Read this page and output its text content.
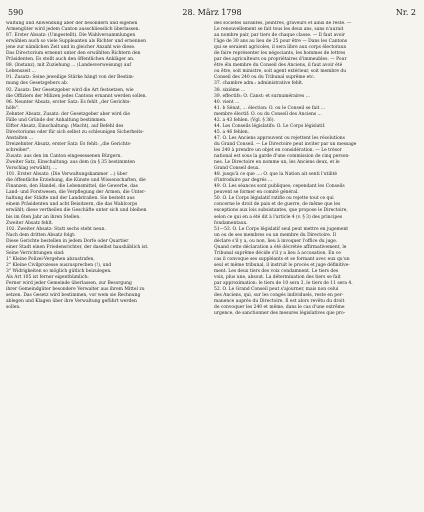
590	28. März 1798	Nr. 2

waltung und Anwendung aber der besondern und eigenen

Armengüter wird jedem Canton ausschliesslich überlassen.

87. Erster Absatz: (Umgestellt). Die Wahlversammlungen

erwählen auch so viele Suppleanten als Richter und ernennen

jene zur nämlichen Zeit und in gleicher Anzahl wie diese.

Das Directorium ernennt unter den erwählten Richtern den

Präsidenten. Es stellt auch den öffentlichen Ankläger an.

88. (Instanz), mit Zuziehung ... (Landesverweisung) auf

Lebenszeit ...

91. Zusatz: Seine jeweilige Stärke hängt von der Bestim-

mung des Gesetzgebers ab.

92. Zusatz: Der Gesetzgeber wird die Art festsetzen, wie

die Offiziers der Milizen jedes Cantons ernannt werden sollen.

96. Neunter Absatz, erster Satz: Es fehlt „der Gerichts-

höfe".

Zehnter Absatz, Zusatz: der Gesetzgeber aber wird die

Fälle und Gründe der Anhaltung bestimmen.

Elfter Absatz, Einschaltung: (Macht), auf Befehl des

Directoriums oder für sich selbst zu schleunigen Sicherheits-

Anstalten ...

Dreizehnter Absatz, erster Satz: Es fehlt: „die Gerichts-

schreiber".

Zusatz: aus den im Canton eingesessenen Bürgern.

Zweiter Satz, Einschaltung: aus dem (in § 35 bestimmten

Vorschlag (erwählt), ...

101. Erster Absatz: (Die Verwaltungskammer ...) über

die öffentliche Erziehung, die Künste und Wissenschaften, die

Finanzen, den Handel, die Lebensmittel, die Gewerbe, das

Land- und Forstwesen, die Verpflegung der Armen, die Unter-

haltung der Städte und der Landstraßen. Sie besteht aus

einem Präsidenten und acht Beisitzern, die das Wahlcorps

erwählt; diese vertheilen die Geschäfte unter sich und bleiben

bis im 6ten Jahr an ihren Stellen.

Zweiter Absatz fehlt.

102. Zweiter Absatz: Statt sechs steht neun.

Nach dem dritten Absatz folgt:

Diese Gerichte bestellen in jedem Dorfe oder Quartier

einer Stadt einen Friedensrichter, der daselbst haushäblich ist.

Seine Verrichtungen sind:

1° Kleine Polizei-Vergehen abzustrafen,

2° Kleine Civilprozesse auszusprechen (!), und

3° Widrigkeiten so möglich gütlich beizulegen.

Als Art 105 ist ferner eigenthümlich:

Ferner wird jeder Gemeinde überlassen, zur Besorgung

ihrer Gemeindgüter besondere Verwalter aus ihrem Mittel zu

setzen. Das Gesetz wird bestimmen, vor wem sie Rechnung

ablegen und Klagen über ihre Verwaltung geführt werden

sollen.

des sociétés savantes, peintres, graveurs et ainsi de reste. —

Le renouvellement se fait tous les deux ans, sans n'aurait

au nombre pair, par tiers de chaque classe. — Il faut avoir

l'âge de 30 ans au lieu de 25 pour être — Dans les Cantons

qui se seraient agricoles, il sera libre aux corps électoraux

de faire représenter les négociants, les hommes de lettres

par des agriculteurs ou propriétaires d'immeubles. — Pour

être élu membre du Conseil des Anciens, il faut avoir été

ou être, soit ministre, soit agent extérieur, soit membre du

Conseil des 240 ou du Tribunal suprême etc.

37. chambre adm.: administrative fehlt.

38. sixième ...

39. effectifs: O. Canst: et surnuméraires ...

40. vient ...

41. b Sénat, ... élection: O. ou le Conseil se fait ...

membre électif: O. ou du Conseil des Anciens ...

42. a 43 fehlen. (Vgl. § 36).

44. Les Conseils législatifs: O. Le Corps législatif.

45. a 46 fehlen.

47. O. Les Anciens approuvent ou rejettent les résolutions

du Grand Conseil. — Le Directoire peut inviter par un message

les 240 à prendre un objet en considération. — Le trésor

national est sous la garde d'une commission de cinq person-

nes. Le Directoire en nomme un, les Anciens deux, et le

Grand Conseil deux.

48. jusqu'à ce que ...: O. que la Nation ait senti l'utilité

d'introduire par degrés ...

49. O. Les séances sont publiques; cependant les Conseils

peuvent se former en comité général.

50. O. Le Corps législatif ratifie ou rejette tout ce qui

concerne le droit de paix et de guerre, de même que les

exceptions aux lois subsistantes, que propose le Directoire,

selon ce qui en a été dit à l'article 4 (v. § 3) des principes

fondamentaux.

51—53. O. Le Corps législatif seul peut mettre en jugement

un ou de ses membres ou un membre du Directoire. Il

déclare s'il y a, ou non, lieu à invoquer l'office du juge.

Quand cette déclaration a été décrétée affirmativement, le

Tribunal suprême décide s'il y a lieu à accusation. En ce

cas il convoque ses suppléants et se formant avec eux qu'un

seul et même tribunal, il instruit le procès et juge définitive-

ment. Les deux tiers des voix condamnent. Le tiers des

voix, plus une, absout. La détermination des tiers se fait

par approximation: le tiers de 10 sera 3, le tiers de 11 sera 4.

52. O. Le Grand Conseil peut s'ajourner, mais non celui

des Anciens, qui, sur les congés individuels, reste en per-

manence auprès du Directoire. Il est alors revêtu du droit

de convoquer les 240 et même, dans le cas d'une extrême

urgence, de sanctionner des mesures législatives que pro-
